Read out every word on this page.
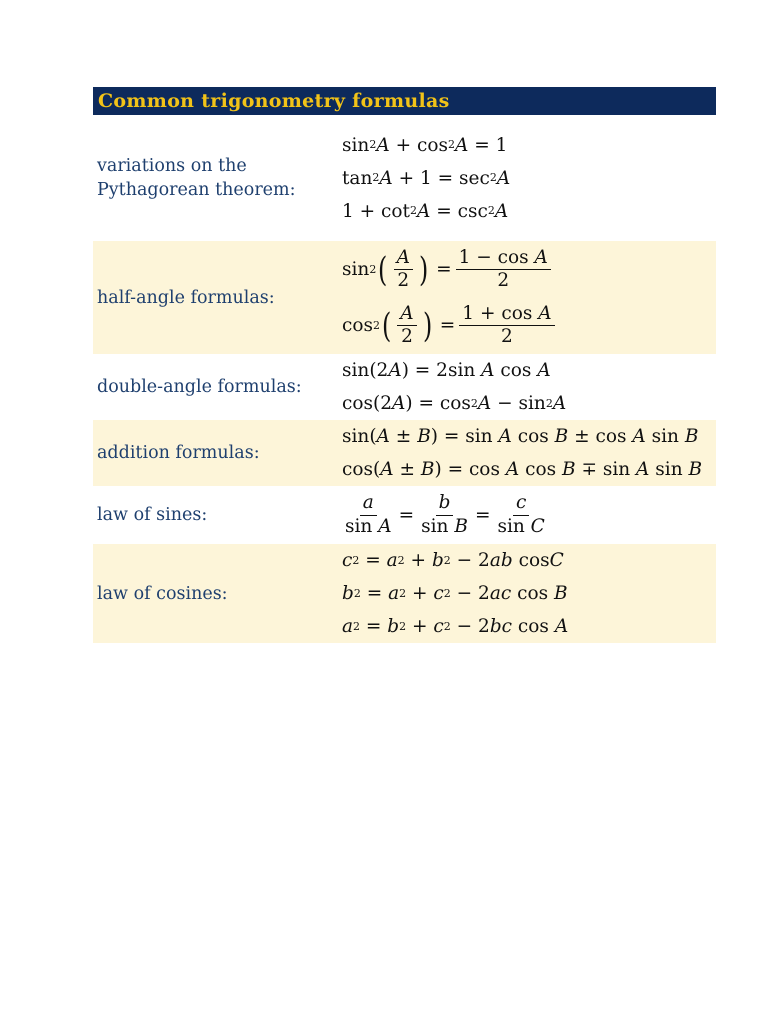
Common trigonometry formulas
variations on the Pythagorean theorem:
sin 2 A + cos 2 A = 1
tan 2 A + 1 = sec 2 A
1 + cot 2 A = csc 2 A
half-angle formulas:
sin 2 ( $\frac{A}{2}$ ) = $\frac{\text{1 − cos A}}{2}$
cos 2 ( $\frac{A}{2}$ ) = $\frac{\text{1 + cos A}}{2}$
double-angle formulas:
sin(2 A ) = 2sin A cos A
cos(2 A ) = cos 2 A − sin 2 A
addition formulas:
sin( A ± B ) = sin A cos B ± cos A sin B
cos( A ± B ) = cos A cos B ∓ sin A sin B
law of sines:	$\frac{a}{\text{sin A}} = \frac{b}{\text{sin B}} = \frac{c}{\text{sin C}}$
law of cosines:
c 2 = a 2 + b 2 − 2 ab cos C
b 2 = a 2 + c 2 − 2 ac cos B
a 2 = b 2 + c 2 − 2 bc cos A
